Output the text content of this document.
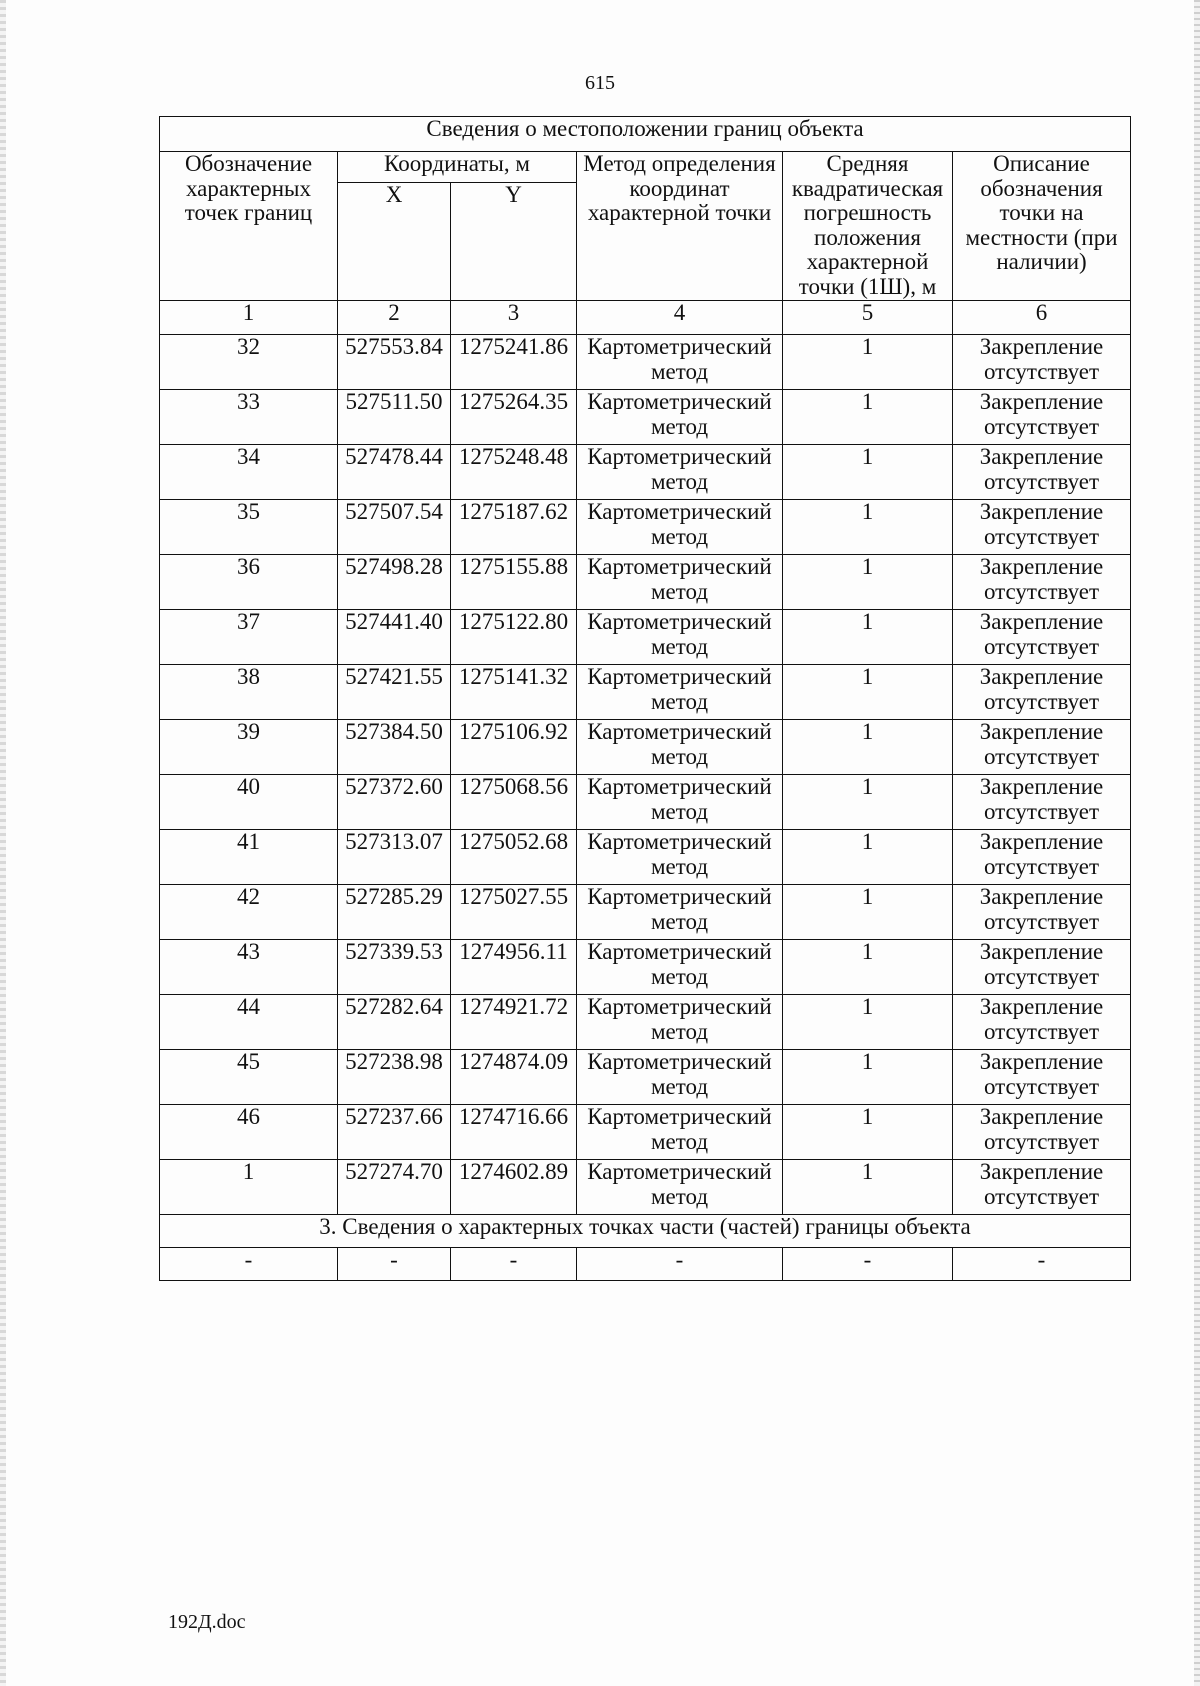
615
Сведения о местоположении границ объекта					
Обозначение характерных точек границ	Координаты, м		Метод определения координат характерной точки	Средняя квадратическая погрешность положения характерной точки (1Ш), м	Описание обозначения точки на местности (при наличии)
	X	Y			
1	2	3	4	5	6
32	527553.84	1275241.86	Картометрический метод	1	Закрепление отсутствует
33	527511.50	1275264.35	Картометрический метод	1	Закрепление отсутствует
34	527478.44	1275248.48	Картометрический метод	1	Закрепление отсутствует
35	527507.54	1275187.62	Картометрический метод	1	Закрепление отсутствует
36	527498.28	1275155.88	Картометрический метод	1	Закрепление отсутствует
37	527441.40	1275122.80	Картометрический метод	1	Закрепление отсутствует
38	527421.55	1275141.32	Картометрический метод	1	Закрепление отсутствует
39	527384.50	1275106.92	Картометрический метод	1	Закрепление отсутствует
40	527372.60	1275068.56	Картометрический метод	1	Закрепление отсутствует
41	527313.07	1275052.68	Картометрический метод	1	Закрепление отсутствует
42	527285.29	1275027.55	Картометрический метод	1	Закрепление отсутствует
43	527339.53	1274956.11	Картометрический метод	1	Закрепление отсутствует
44	527282.64	1274921.72	Картометрический метод	1	Закрепление отсутствует
45	527238.98	1274874.09	Картометрический метод	1	Закрепление отсутствует
46	527237.66	1274716.66	Картометрический метод	1	Закрепление отсутствует
1	527274.70	1274602.89	Картометрический метод	1	Закрепление отсутствует
3. Сведения о характерных точках части (частей) границы объекта					
-	-	-	-	-	-
192Д.doc
